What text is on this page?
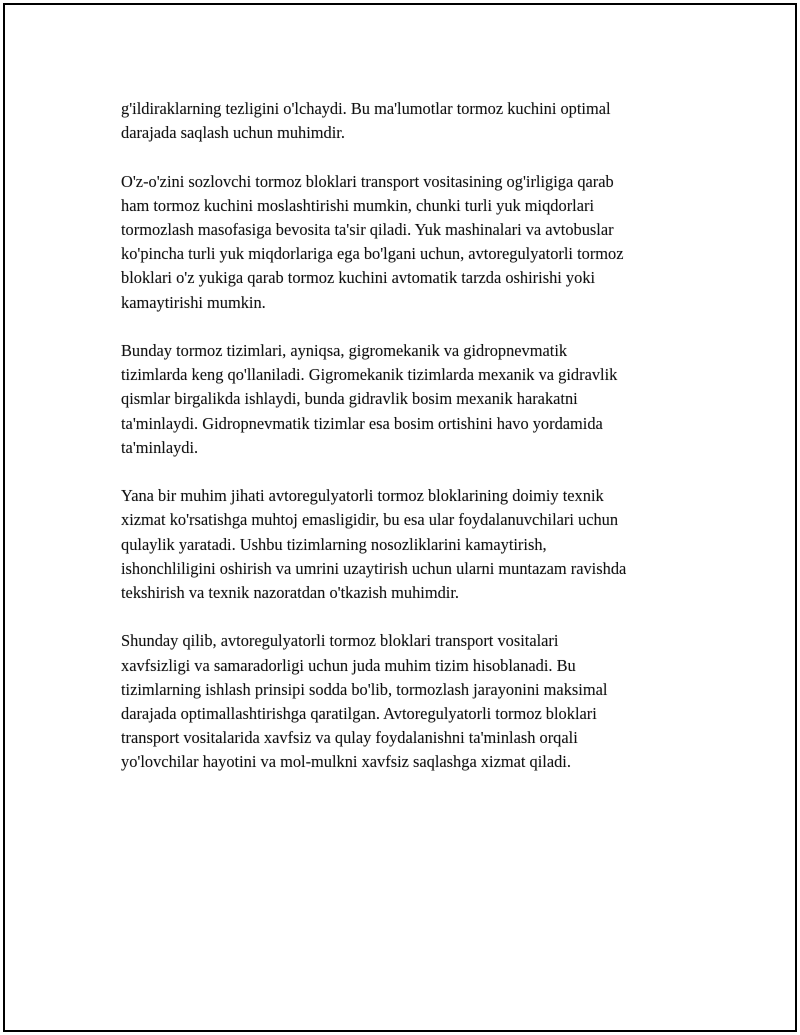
g'ildiraklarning tezligini o'lchaydi. Bu ma'lumotlar tormoz kuchini optimal
darajada saqlash uchun muhimdir.

O'z-o'zini sozlovchi tormoz bloklari transport vositasining og'irligiga qarab
ham tormoz kuchini moslashtirishi mumkin, chunki turli yuk miqdorlari
tormozlash masofasiga bevosita ta'sir qiladi. Yuk mashinalari va avtobuslar
ko'pincha turli yuk miqdorlariga ega bo'lgani uchun, avtoregulyatorli tormoz
bloklari o'z yukiga qarab tormoz kuchini avtomatik tarzda oshirishi yoki
kamaytirishi mumkin.

Bunday tormoz tizimlari, ayniqsa, gigromekanik va gidropnevmatik
tizimlarda keng qo'llaniladi. Gigromekanik tizimlarda mexanik va gidravlik
qismlar birgalikda ishlaydi, bunda gidravlik bosim mexanik harakatni
ta'minlaydi. Gidropnevmatik tizimlar esa bosim ortishini havo yordamida
ta'minlaydi.

Yana bir muhim jihati avtoregulyatorli tormoz bloklarining doimiy texnik
xizmat ko'rsatishga muhtoj emasligidir, bu esa ular foydalanuvchilari uchun
qulaylik yaratadi. Ushbu tizimlarning nosozliklarini kamaytirish,
ishonchliligini oshirish va umrini uzaytirish uchun ularni muntazam ravishda
tekshirish va texnik nazoratdan o'tkazish muhimdir.

Shunday qilib, avtoregulyatorli tormoz bloklari transport vositalari
xavfsizligi va samaradorligi uchun juda muhim tizim hisoblanadi. Bu
tizimlarning ishlash prinsipi sodda bo'lib, tormozlash jarayonini maksimal
darajada optimallashtirishga qaratilgan. Avtoregulyatorli tormoz bloklari
transport vositalarida xavfsiz va qulay foydalanishni ta'minlash orqali
yo'lovchilar hayotini va mol-mulkni xavfsiz saqlashga xizmat qiladi.
